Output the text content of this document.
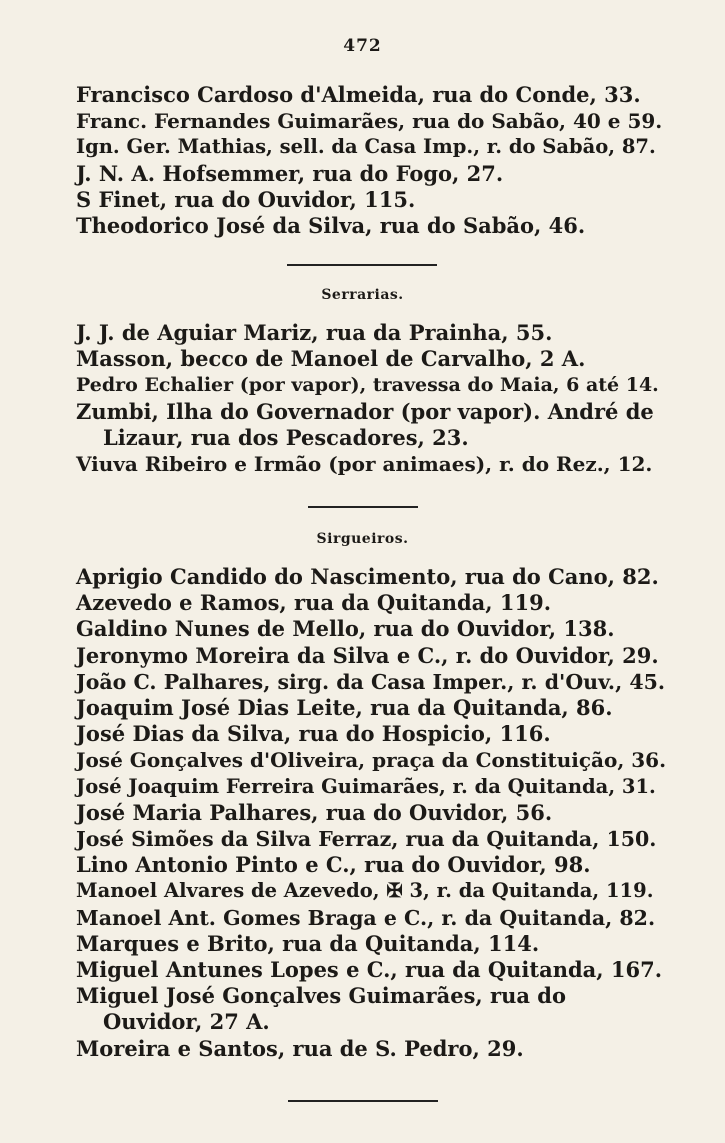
472

Francisco Cardoso d'Almeida, rua do Conde, 33.

Franc. Fernandes Guimarães, rua do Sabão, 40 e 59.

Ign. Ger. Mathias, sell. da Casa Imp., r. do Sabão, 87.

J. N. A. Hofsemmer, rua do Fogo, 27.

S Finet, rua do Ouvidor, 115.

Theodorico José da Silva, rua do Sabão, 46.

Serrarias.

J. J. de Aguiar Mariz, rua da Prainha, 55.

Masson, becco de Manoel de Carvalho, 2 A.

Pedro Echalier (por vapor), travessa do Maia, 6 até 14.

Zumbi, Ilha do Governador (por vapor). André de Lizaur, rua dos Pescadores, 23.

Viuva Ribeiro e Irmão (por animaes), r. do Rez., 12.

Sirgueiros.

Aprigio Candido do Nascimento, rua do Cano, 82.

Azevedo e Ramos, rua da Quitanda, 119.

Galdino Nunes de Mello, rua do Ouvidor, 138.

Jeronymo Moreira da Silva e C., r. do Ouvidor, 29.

João C. Palhares, sirg. da Casa Imper., r. d'Ouv., 45.

Joaquim José Dias Leite, rua da Quitanda, 86.

José Dias da Silva, rua do Hospicio, 116.

José Gonçalves d'Oliveira, praça da Constituição, 36.

José Joaquim Ferreira Guimarães, r. da Quitanda, 31.

José Maria Palhares, rua do Ouvidor, 56.

José Simões da Silva Ferraz, rua da Quitanda, 150.

Lino Antonio Pinto e C., rua do Ouvidor, 98.

Manoel Alvares de Azevedo, ✠ 3, r. da Quitanda, 119.

Manoel Ant. Gomes Braga e C., r. da Quitanda, 82.

Marques e Brito, rua da Quitanda, 114.

Miguel Antunes Lopes e C., rua da Quitanda, 167.

Miguel José Gonçalves Guimarães, rua do Ouvidor, 27 A.

Moreira e Santos, rua de S. Pedro, 29.
